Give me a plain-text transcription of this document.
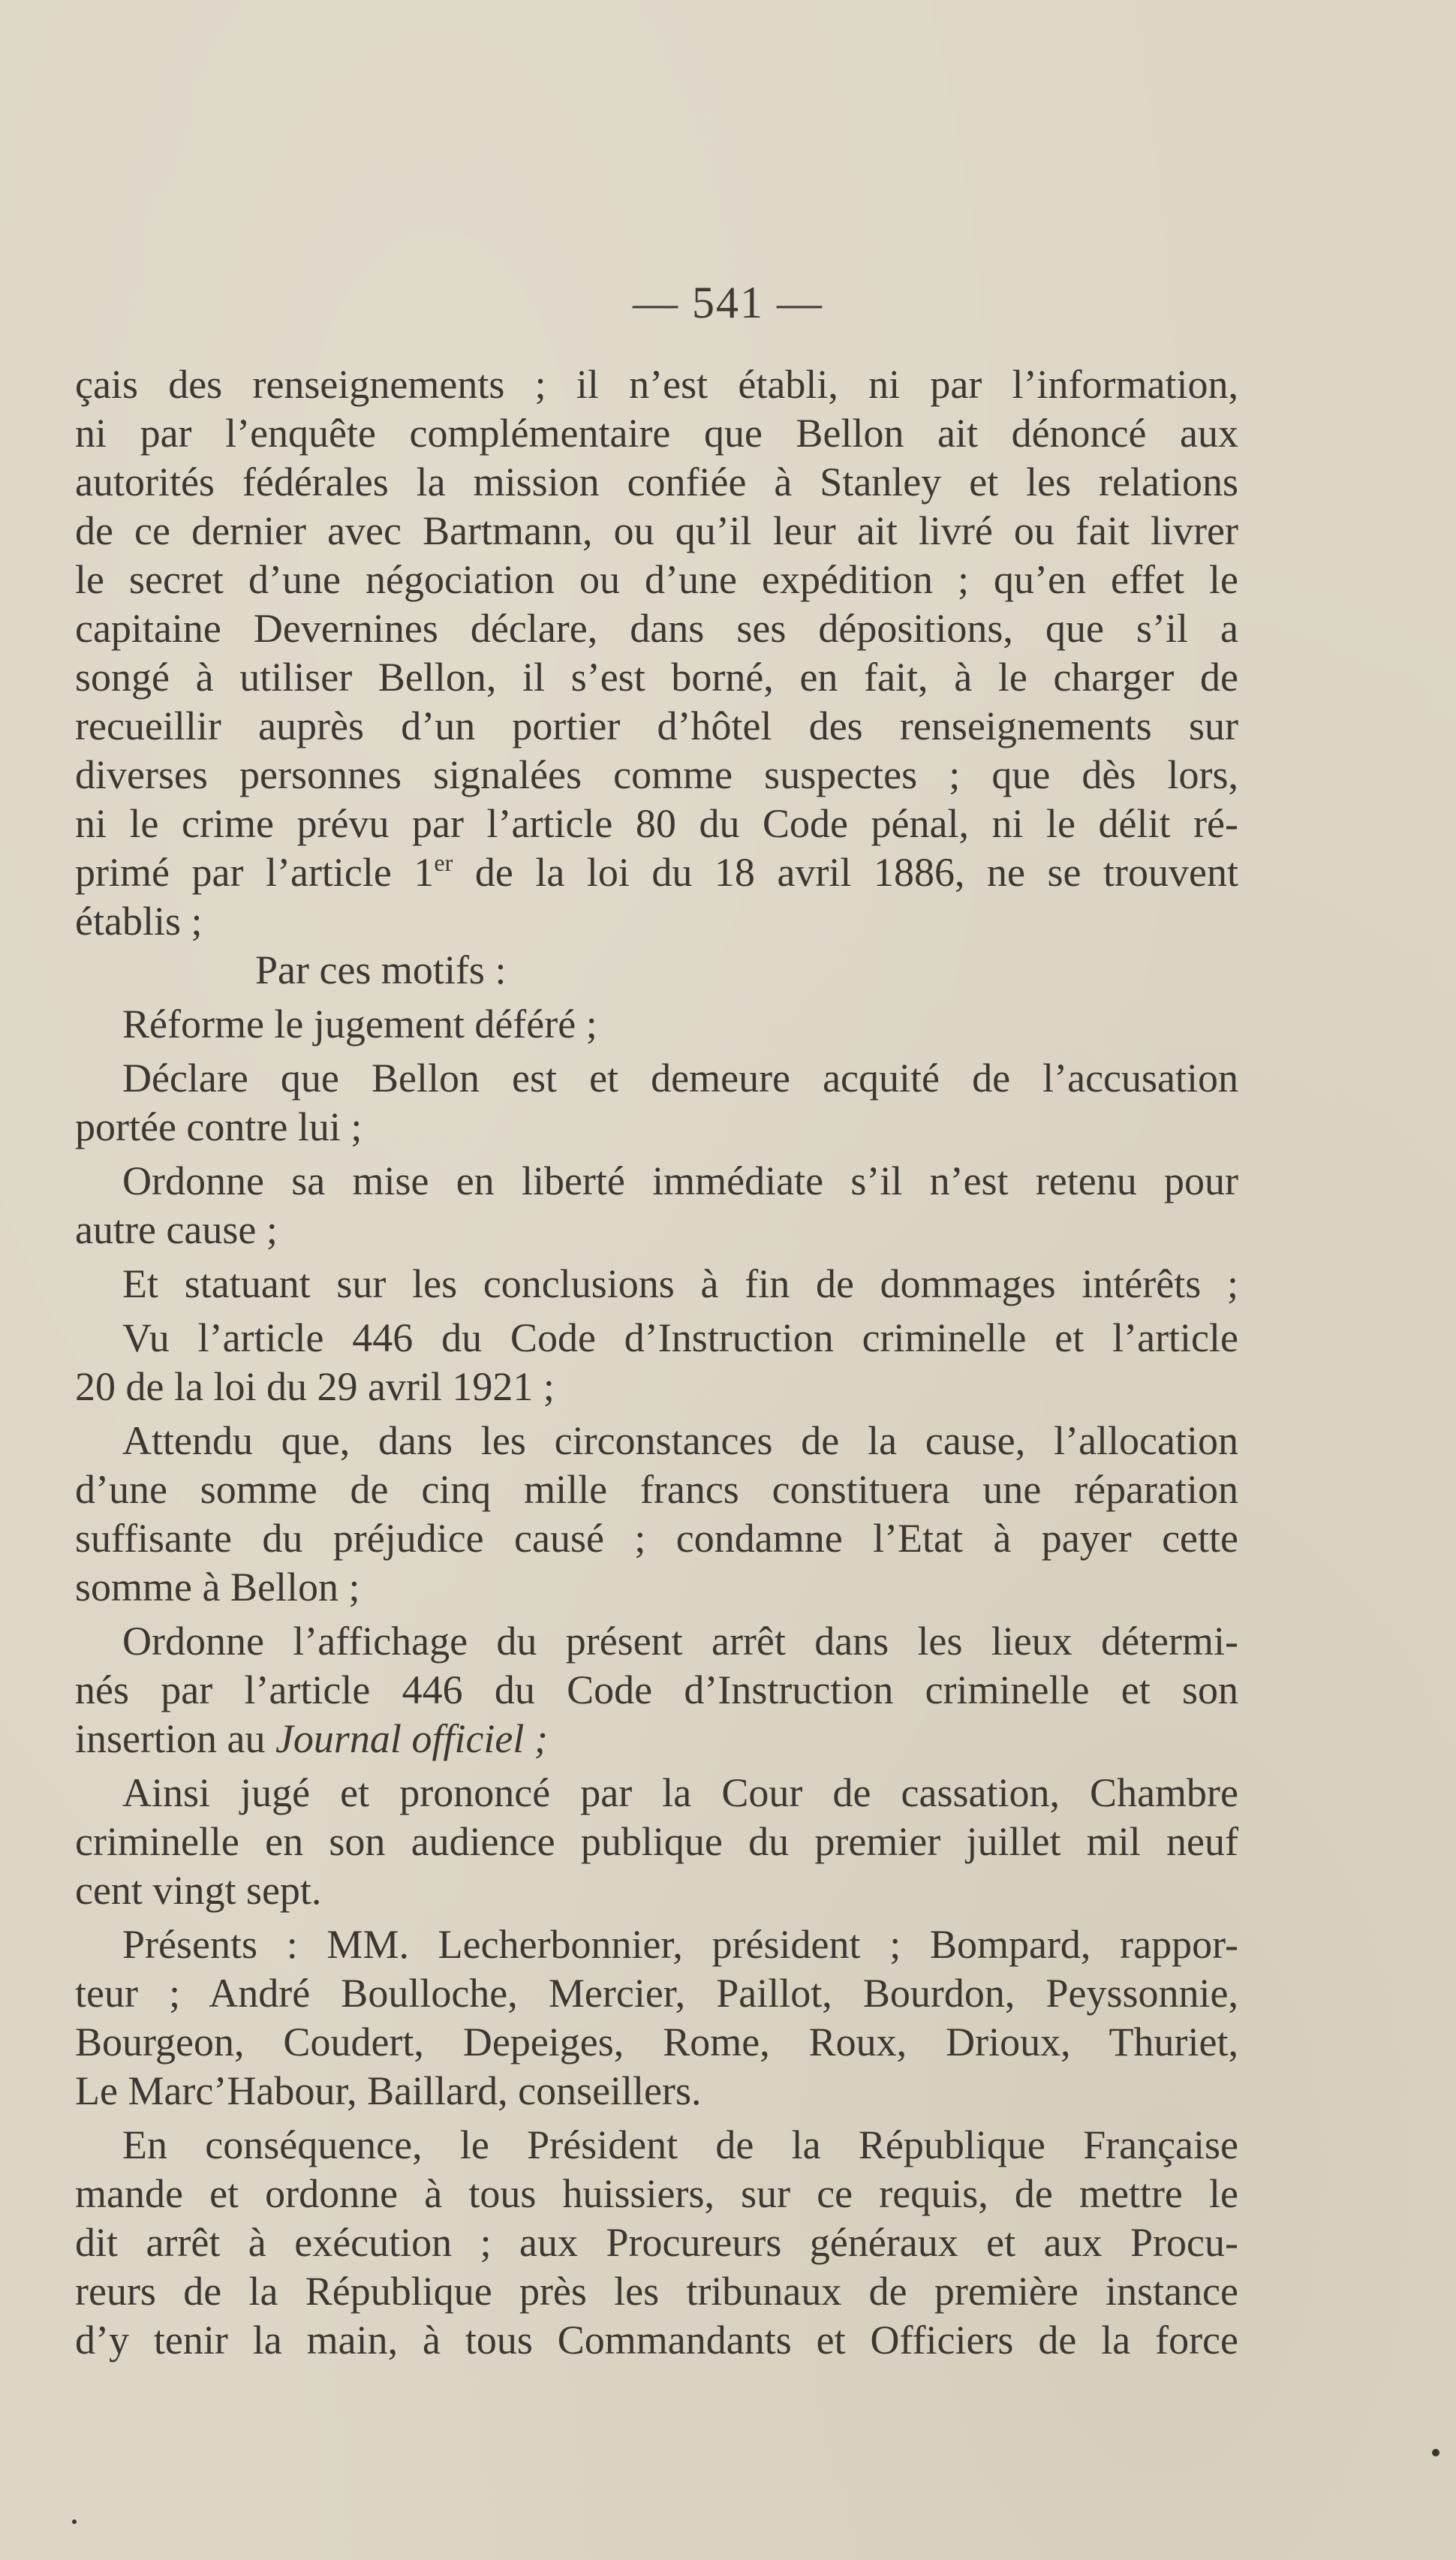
— 541 —
çais des renseignements ; il n’est établi, ni par l’information,
ni par l’enquête complémentaire que Bellon ait dénoncé aux
autorités fédérales la mission confiée à Stanley et les relations
de ce dernier avec Bartmann, ou qu’il leur ait livré ou fait livrer
le secret d’une négociation ou d’une expédition ; qu’en effet le
capitaine Devernines déclare, dans ses dépositions, que s’il a
songé à utiliser Bellon, il s’est borné, en fait, à le charger de
recueillir auprès d’un portier d’hôtel des renseignements sur
diverses personnes signalées comme suspectes ; que dès lors,
ni le crime prévu par l’article 80 du Code pénal, ni le délit ré-
primé par l’article 1er de la loi du 18 avril 1886, ne se trouvent
établis ;
Par ces motifs :
Réforme le jugement déféré ;
Déclare que Bellon est et demeure acquité de l’accusation
portée contre lui ;
Ordonne sa mise en liberté immédiate s’il n’est retenu pour
autre cause ;
Et statuant sur les conclusions à fin de dommages intérêts ;
Vu l’article 446 du Code d’Instruction criminelle et l’article
20 de la loi du 29 avril 1921 ;
Attendu que, dans les circonstances de la cause, l’allocation
d’une somme de cinq mille francs constituera une réparation
suffisante du préjudice causé ; condamne l’Etat à payer cette
somme à Bellon ;
Ordonne l’affichage du présent arrêt dans les lieux détermi-
nés par l’article 446 du Code d’Instruction criminelle et son
insertion au Journal officiel ;
Ainsi jugé et prononcé par la Cour de cassation, Chambre
criminelle en son audience publique du premier juillet mil neuf
cent vingt sept.
Présents : MM. Lecherbonnier, président ; Bompard, rappor-
teur ; André Boulloche, Mercier, Paillot, Bourdon, Peyssonnie,
Bourgeon, Coudert, Depeiges, Rome, Roux, Drioux, Thuriet,
Le Marc’Habour, Baillard, conseillers.
En conséquence, le Président de la République Française
mande et ordonne à tous huissiers, sur ce requis, de mettre le
dit arrêt à exécution ; aux Procureurs généraux et aux Procu-
reurs de la République près les tribunaux de première instance
d’y tenir la main, à tous Commandants et Officiers de la force
